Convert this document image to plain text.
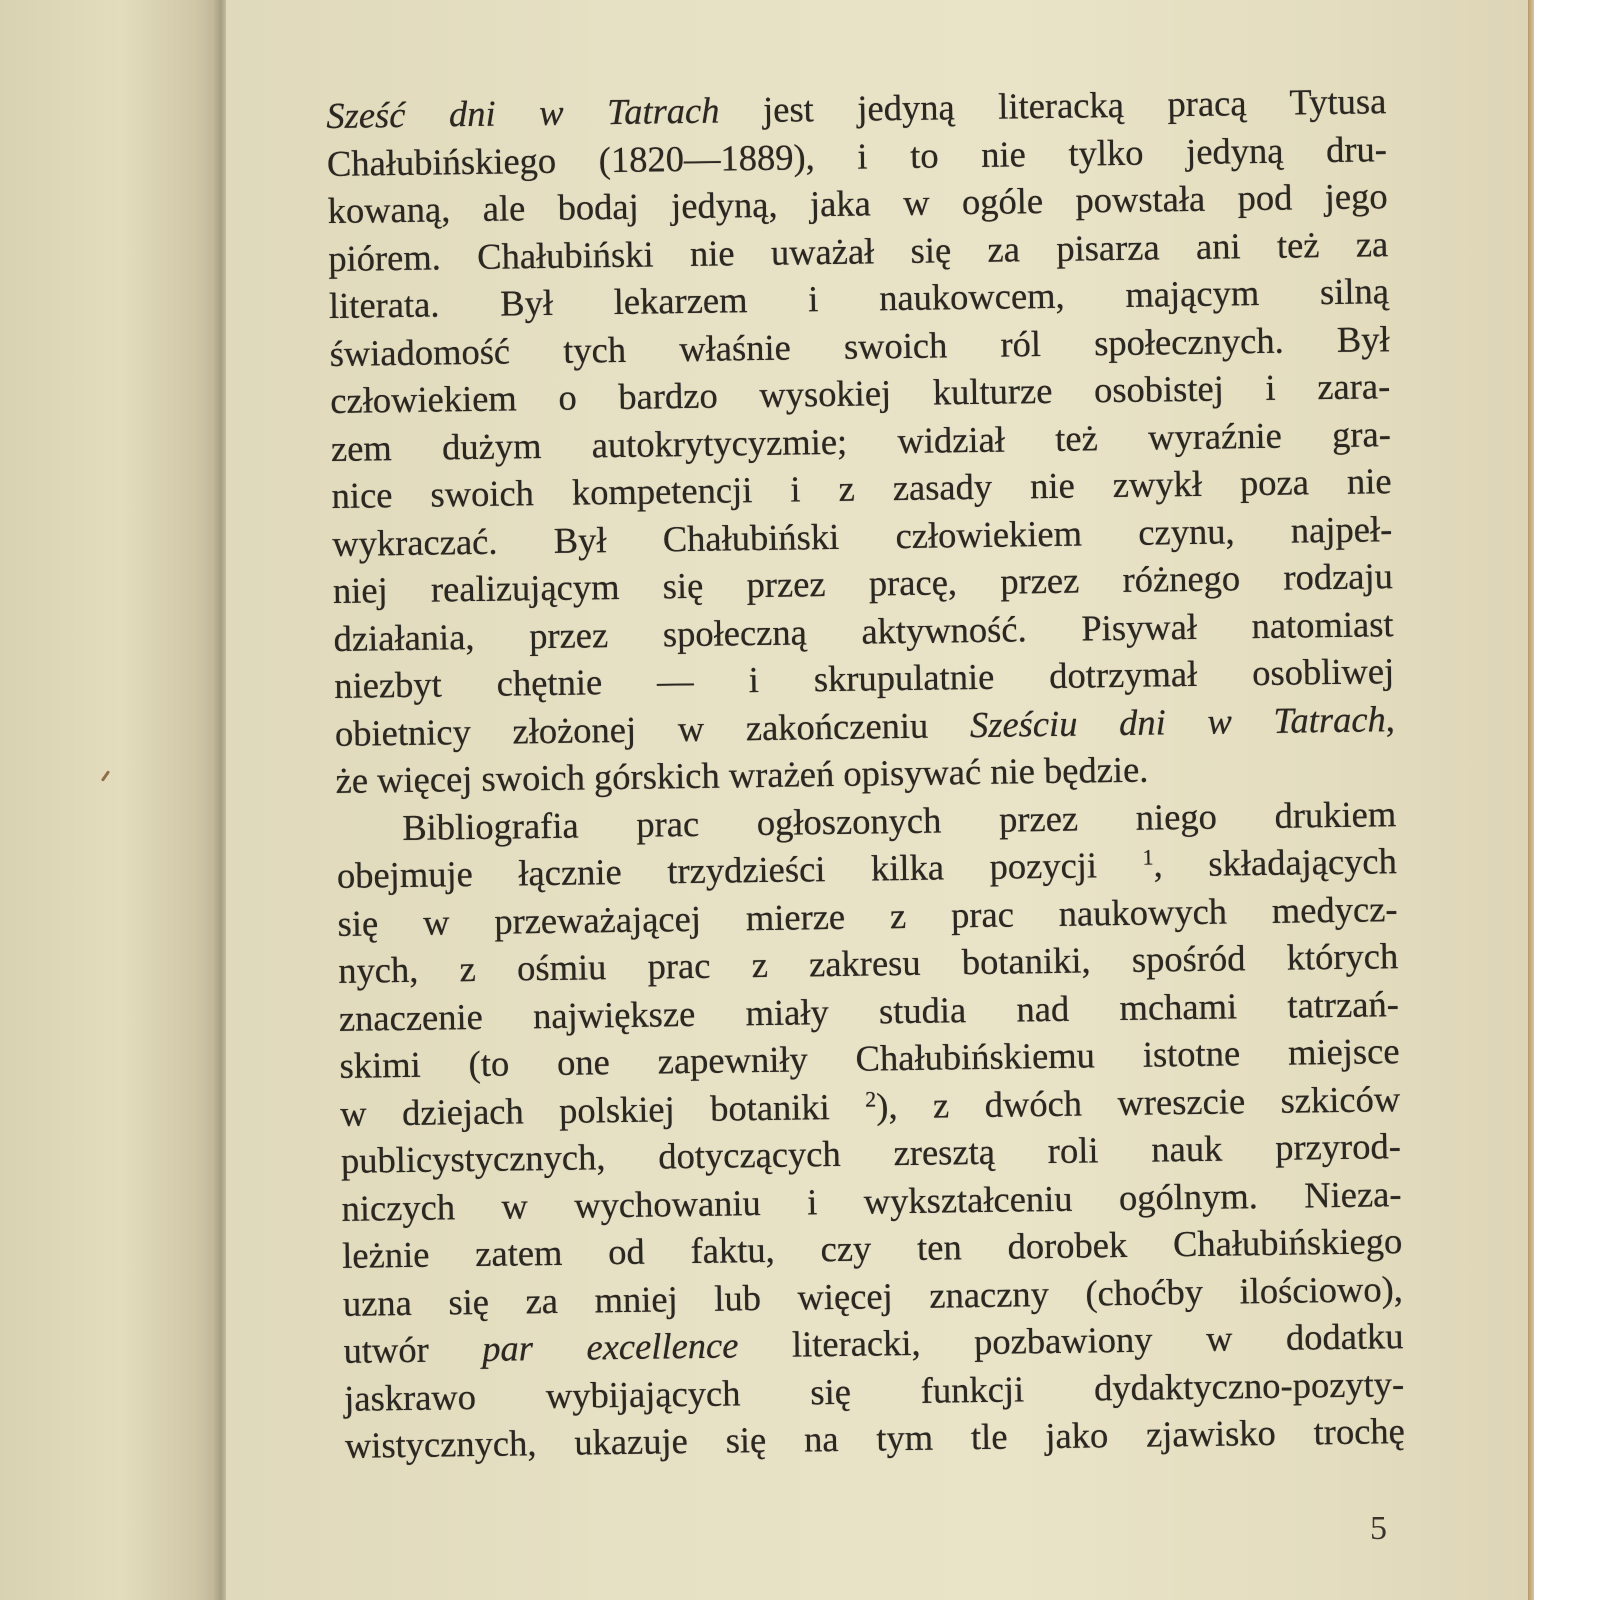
Sześć dni w Tatrach jest jedyną literacką pracą Tytusa
Chałubińskiego (1820—1889), i to nie tylko jedyną dru-
kowaną, ale bodaj jedyną, jaka w ogóle powstała pod jego
piórem. Chałubiński nie uważał się za pisarza ani też za
literata. Był lekarzem i naukowcem, mającym silną
świadomość tych właśnie swoich ról społecznych. Był
człowiekiem o bardzo wysokiej kulturze osobistej i zara-
zem dużym autokrytycyzmie; widział też wyraźnie gra-
nice swoich kompetencji i z zasady nie zwykł poza nie
wykraczać. Był Chałubiński człowiekiem czynu, najpeł-
niej realizującym się przez pracę, przez różnego rodzaju
działania, przez społeczną aktywność. Pisywał natomiast
niezbyt chętnie — i skrupulatnie dotrzymał osobliwej
obietnicy złożonej w zakończeniu Sześciu dni w Tatrach,
że więcej swoich górskich wrażeń opisywać nie będzie.
Bibliografia prac ogłoszonych przez niego drukiem
obejmuje łącznie trzydzieści kilka pozycji $^1$, składających
się w przeważającej mierze z prac naukowych medycz-
nych, z ośmiu prac z zakresu botaniki, spośród których
znaczenie największe miały studia nad mchami tatrzań-
skimi (to one zapewniły Chałubińskiemu istotne miejsce
w dziejach polskiej botaniki $^2$), z dwóch wreszcie szkiców
publicystycznych, dotyczących zresztą roli nauk przyrod-
niczych w wychowaniu i wykształceniu ogólnym. Nieza-
leżnie zatem od faktu, czy ten dorobek Chałubińskiego
uzna się za mniej lub więcej znaczny (choćby ilościowo),
utwór par excellence literacki, pozbawiony w dodatku
jaskrawo wybijających się funkcji dydaktyczno-pozyty-
wistycznych, ukazuje się na tym tle jako zjawisko trochę
5
